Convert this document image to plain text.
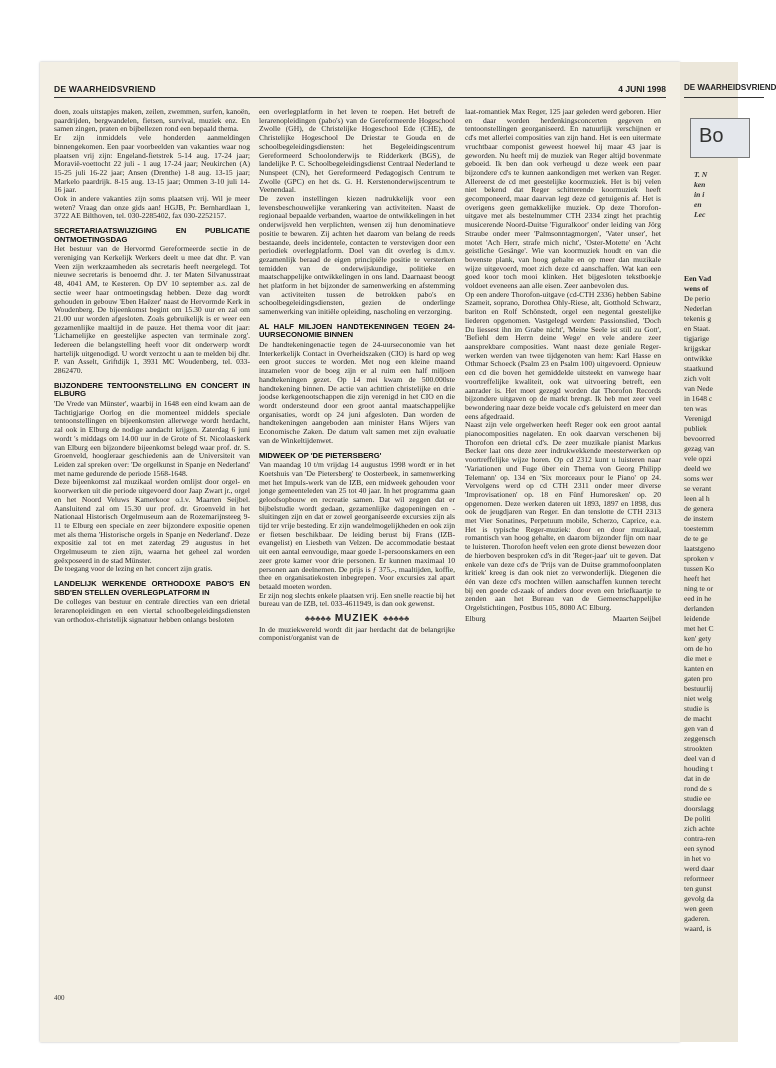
DE WAARHEIDSVRIEND	4 JUNI 1998

doen, zoals uitstapjes maken, zeilen, zwemmen, surfen, kanoën, paardrijden, bergwandelen, fietsen, survival, muziek enz. En samen zingen, praten en bijbellezen rond een bepaald thema.

Er zijn inmiddels vele honderden aanmeldingen binnengekomen. Een paar voorbeelden van vakanties waar nog plaatsen vrij zijn: Engeland-fietstrek 5-14 aug. 17-24 jaar; Moravië-voettocht 22 juli - 1 aug 17-24 jaar; Neukirchen (A) 15-25 juli 16-22 jaar; Ansen (Drenthe) 1-8 aug. 13-15 jaar; Markelo paardrijk. 8-15 aug. 13-15 jaar; Ommen 3-10 juli 14-16 jaar.

Ook in andere vakanties zijn soms plaatsen vrij. Wil je meer weten? Vraag dan onze gids aan! HGJB, Pr. Bernhardlaan 1, 3722 AE Bilthoven, tel. 030-2285402, fax 030-2252157.

SECRETARIAATSWIJZIGING EN PUBLICATIE ONTMOETINGSDAG

Het bestuur van de Hervormd Gereformeerde sectie in de vereniging van Kerkelijk Werkers deelt u mee dat dhr. P. van Veen zijn werkzaamheden als secretaris heeft neergelegd. Tot nieuwe secretaris is benoemd dhr. J. ter Maten Silvanusstraat 48, 4041 AM, te Kesteren. Op DV 10 september a.s. zal de sectie weer haar ontmoetingsdag hebben. Deze dag wordt gehouden in gebouw 'Eben Haëzer' naast de Hervormde Kerk in Woudenberg. De bijeenkomst begint om 15.30 uur en zal om 21.00 uur worden afgesloten. Zoals gebruikelijk is er weer een gezamenlijke maaltijd in de pauze. Het thema voor dit jaar: 'Lichamelijke en geestelijke aspecten van terminale zorg'. Iedereen die belangstelling heeft voor dit onderwerp wordt hartelijk uitgenodigd. U wordt verzocht u aan te melden bij dhr. P. van Asselt, Griftdijk 1, 3931 MC Woudenberg, tel. 033-2862470.

BIJZONDERE TENTOONSTELLING EN CONCERT IN ELBURG

'De Vrede van Münster', waarbij in 1648 een eind kwam aan de Tachtigjarige Oorlog en die momenteel middels speciale tentoonstellingen en bijeenkomsten allerwege wordt herdacht, zal ook in Elburg de nodige aandacht krijgen. Zaterdag 6 juni wordt 's middags om 14.00 uur in de Grote of St. Nicolaaskerk van Elburg een bijzondere bijeenkomst belegd waar prof. dr. S. Groenveld, hoogleraar geschiedenis aan de Universiteit van Leiden zal spreken over: 'De orgelkunst in Spanje en Nederland' met name gedurende de periode 1568-1648.

Deze bijeenkomst zal muzikaal worden omlijst door orgel- en koorwerken uit die periode uitgevoerd door Jaap Zwart jr., orgel en het Noord Veluws Kamerkoor o.l.v. Maarten Seijbel. Aansluitend zal om 15.30 uur prof. dr. Groenveld in het Nationaal Historisch Orgelmuseum aan de Rozemarijnsteeg 9-11 te Elburg een speciale en zeer bijzondere expositie openen met als thema 'Historische orgels in Spanje en Nederland'. Deze expositie zal tot en met zaterdag 29 augustus in het Orgelmuseum te zien zijn, waarna het geheel zal worden geëxposeerd in de stad Münster.

De toegang voor de lezing en het concert zijn gratis.

LANDELIJK WERKENDE ORTHODOXE PABO'S EN SBD'EN STELLEN OVERLEGPLATFORM IN

De colleges van bestuur en centrale directies van een drietal lerarenopleidingen en een viertal schoolbegeleidingsdiensten van orthodox-christelijk signatuur hebben onlangs besloten

een overlegplatform in het leven te roepen. Het betreft de lerarenopleidingen (pabo's) van de Gereformeerde Hogeschool Zwolle (GH), de Christelijke Hogeschool Ede (CHE), de Christelijke Hogeschool De Driestar te Gouda en de schoolbegeleidingsdiensten: het Begeleidingscentrum Gereformeerd Schoolonderwijs te Ridderkerk (BGS), de landelijke P. C. Schoolbegeleidingsdienst Centraal Nederland te Nunspeet (CN), het Gereformeerd Pedagogisch Centrum te Zwolle (GPC) en het ds. G. H. Kerstenonderwijscentrum te Veenendaal.

De zeven instellingen kiezen nadrukkelijk voor een levensbeschouwelijke verankering van activiteiten. Naast de regionaal bepaalde verbanden, waartoe de ontwikkelingen in het onderwijsveld hen verplichten, wensen zij hun denominatieve positie te bewaren. Zij achten het daarom van belang de reeds bestaande, deels incidentele, contacten te verstevigen door een periodiek overlegplatform. Doel van dit overleg is d.m.v. gezamenlijk beraad de eigen principiële positie te versterken temidden van de onderwijskundige, politieke en maatschappelijke ontwikkelingen in ons land. Daarnaast beoogt het platform in het bijzonder de samenwerking en afstemming van activiteiten tussen de betrokken pabo's en schoolbegeleidingsdiensten, gezien de onderlinge samenwerking van initiële opleiding, nascholing en verzorging.

AL HALF MILJOEN HANDTEKENINGEN TEGEN 24-UURSECONOMIE BINNEN

De handtekeningenactie tegen de 24-uurseconomie van het Interkerkelijk Contact in Overheidszaken (CIO) is hard op weg een groot succes te worden. Met nog een kleine maand inzamelen voor de boeg zijn er al ruim een half miljoen handtekeningen gezet. Op 14 mei kwam de 500.000ste handtekening binnen. De actie van achttien christelijke en drie joodse kerkgenootschappen die zijn verenigd in het CIO en die wordt ondersteund door een groot aantal maatschappelijke organisaties, wordt op 24 juni afgesloten. Dan worden de handtekeningen aangeboden aan minister Hans Wijers van Economische Zaken. De datum valt samen met zijn evaluatie van de Winkeltijdenwet.

MIDWEEK OP 'DE PIETERSBERG'

Van maandag 10 t/m vrijdag 14 augustus 1998 wordt er in het Koetshuis van 'De Pietersberg' te Oosterbeek, in samenwerking met het Impuls-werk van de IZB, een midweek gehouden voor jonge gemeenteleden van 25 tot 40 jaar. In het programma gaan geloofsopbouw en recreatie samen. Dat wil zeggen dat er bijbelstudie wordt gedaan, gezamenlijke dagopeningen en -sluitingen zijn en dat er zowel georganiseerde excursies zijn als tijd ter vrije besteding. Er zijn wandelmogelijkheden en ook zijn er fietsen beschikbaar. De leiding berust bij Frans (IZB-evangelist) en Liesbeth van Velzen. De accommodatie bestaat uit een aantal eenvoudige, maar goede 1-persoonskamers en een zeer grote kamer voor drie personen. Er kunnen maximaal 10 personen aan deelnemen. De prijs is ƒ 375,-, maaltijden, koffie, thee en organisatiekosten inbegrepen. Voor excursies zal apart betaald moeten worden.

Er zijn nog slechts enkele plaatsen vrij. Een snelle reactie bij het bureau van de IZB, tel. 033-4611949, is dan ook gewenst.

♣♣♣♣♣ MUZIEK ♣♣♣♣♣

In de muziekwereld wordt dit jaar herdacht dat de belangrijke componist/organist van de

laat-romantiek Max Reger, 125 jaar geleden werd geboren. Hier en daar worden herdenkingsconcerten gegeven en tentoonstellingen georganiseerd. En natuurlijk verschijnen er cd's met allerlei composities van zijn hand. Het is een uitermate vruchtbaar componist geweest hoewel hij maar 43 jaar is geworden. Nu heeft mij de muziek van Reger altijd bovenmate geboeid. Ik ben dan ook verheugd u deze week een paar bijzondere cd's te kunnen aankondigen met werken van Reger. Allereerst de cd met geestelijke koormuziek. Het is bij velen niet bekend dat Reger schitterende koormuziek heeft gecomponeerd, maar daarvan legt deze cd getuigenis af. Het is overigens geen gemakkelijke muziek. Op deze Thorofon-uitgave met als bestelnummer CTH 2334 zingt het prachtig musicerende Noord-Duitse 'Figuralkoor' onder leiding van Jörg Straube onder meer 'Palmsonntagmorgen', 'Vater unser', het motet 'Ach Herr, strafe mich nicht', 'Oster-Motette' en 'Acht geistliche Gesänge'. Wie van koormuziek houdt en van die bovenste plank, van hoog gehalte en op meer dan muzikale wijze uitgevoerd, moet zich deze cd aanschaffen. Wat kan een goed koor toch mooi klinken. Het bijgesloten tekstboekje voldoet eveneens aan alle eisen. Zeer aanbevolen dus.

Op een andere Thorofon-uitgave (cd-CTH 2336) hebben Sabine Szameit, soprano, Dorothea Ohly-Riese, alt, Gotthold Schwarz, bariton en Rolf Schönstedt, orgel een negental geestelijke liederen opgenomen. Vastgelegd werden: Passionslied, 'Doch Du liessest ihn im Grabe nicht', 'Meine Seele ist still zu Gott', 'Befiehl dem Herrn deine Wege' en vele andere zeer aansprekbare composities. Want naast deze geniale Reger-werken werden van twee tijdgenoten van hem: Karl Hasse en Othmar Schoeck (Psalm 23 en Psalm 100) uitgevoerd. Opnieuw een cd die boven het gemiddelde uitsteekt en vanwege haar voortreffelijke kwaliteit, ook wat uitvoering betreft, een aanrader is. Het moet gezegd worden dat Thorofon Records bijzondere uitgaven op de markt brengt. Ik heb met zeer veel bewondering naar deze beide vocale cd's geluisterd en meer dan eens afgedraaid.

Naast zijn vele orgelwerken heeft Reger ook een groot aantal pianocomposities nagelaten. En ook daarvan verschenen bij Thorofon een drietal cd's. De zeer muzikale pianist Markus Becker laat ons deze zeer indrukwekkende meesterwerken op voortreffelijke wijze horen. Op cd 2312 kunt u luisteren naar 'Variationen und Fuge über ein Thema von Georg Philipp Telemann' op. 134 en 'Six morceaux pour le Piano' op 24. Vervolgens werd op cd CTH 2311 onder meer diverse 'Improvisationen' op. 18 en Fünf Humoresken' op. 20 opgenomen. Deze werken dateren uit 1893, 1897 en 1898, dus ook de jeugdjaren van Reger. En dan tenslotte de CTH 2313 met Vier Sonatines, Perpetuum mobile, Scherzo, Caprice, e.a. Het is typische Reger-muziek: door en door muzikaal, romantisch van hoog gehalte, en daarom bijzonder fijn om naar te luisteren. Thorofon heeft velen een grote dienst bewezen door de hierboven besproken cd's in dit 'Reger-jaar' uit te geven. Dat enkele van deze cd's de 'Prijs van de Duitse grammofoonplaten kritiek' kreeg is dan ook niet zo verwonderlijk. Diegenen die één van deze cd's mochten willen aanschaffen kunnen terecht bij een goede cd-zaak of anders door even een briefkaartje te zenden aan het Bureau van de Gemeenschappelijke Orgelstichtingen, Postbus 105, 8080 AC Elburg.

Elburg	Maarten Seijbel
400
DE WAARHEIDSVRIEND
Bo
T. N
ken
in i
en
Lec
Een Vad
wens of
De perio
Nederlan
tekenis g
en Staat.
tigjarige
krijgskar
ontwikke
staatkund
zich volt
van Nede
in 1648 c
ten was
Verenigd
publiek
bevoorred
gezag van
vele opzi
deeld we
soms wer
se verant
leen al h
de genera
de instem
toestemm
de te ge
laatstgeno
sproken v
tussen Ko
heeft het
ning te or
eed in he
derlanden
leidende
met het C
ken' gety
om de ho
die met e
kanten en
gaten pro
bestuurlij
niet welg
studie is
de macht
gen van d
zeggensch
strookten
deel van d
houding t
dat in de
rond de s
studie ee
doorslagg
De politi
zich achte
contra-ren
een synod
in het vo
werd daar
reformeer
ten gunst
gevolg da
wen geen
gaderen.
waard, is
